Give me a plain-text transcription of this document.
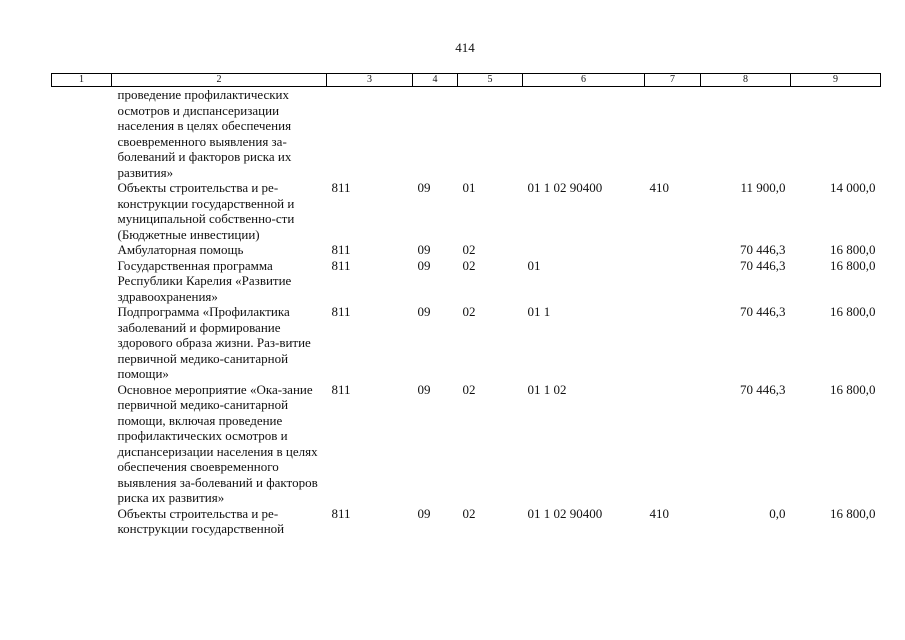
414
1	2	3	4	5	6	7	8	9
	проведение профилактических осмотров и диспансеризации населения в целях обеспечения своевременного выявления за-болеваний и факторов риска их развития»							
	Объекты строительства и ре-конструкции государственной и муниципальной собственно-сти (Бюджетные инвестиции)	811	09	01	01 1 02 90400	410	11 900,0	14 000,0
	Амбулаторная помощь	811	09	02			70 446,3	16 800,0
	Государственная программа Республики Карелия «Развитие здравоохранения»	811	09	02	01		70 446,3	16 800,0
	Подпрограмма «Профилактика заболеваний и формирование здорового образа жизни. Раз-витие первичной медико-санитарной помощи»	811	09	02	01 1		70 446,3	16 800,0
	Основное мероприятие «Ока-зание первичной медико-санитарной помощи, включая проведение профилактических осмотров и диспансеризации населения в целях обеспечения своевременного выявления за-болеваний и факторов риска их развития»	811	09	02	01 1 02		70 446,3	16 800,0
	Объекты строительства и ре-конструкции государственной	811	09	02	01 1 02 90400	410	0,0	16 800,0
